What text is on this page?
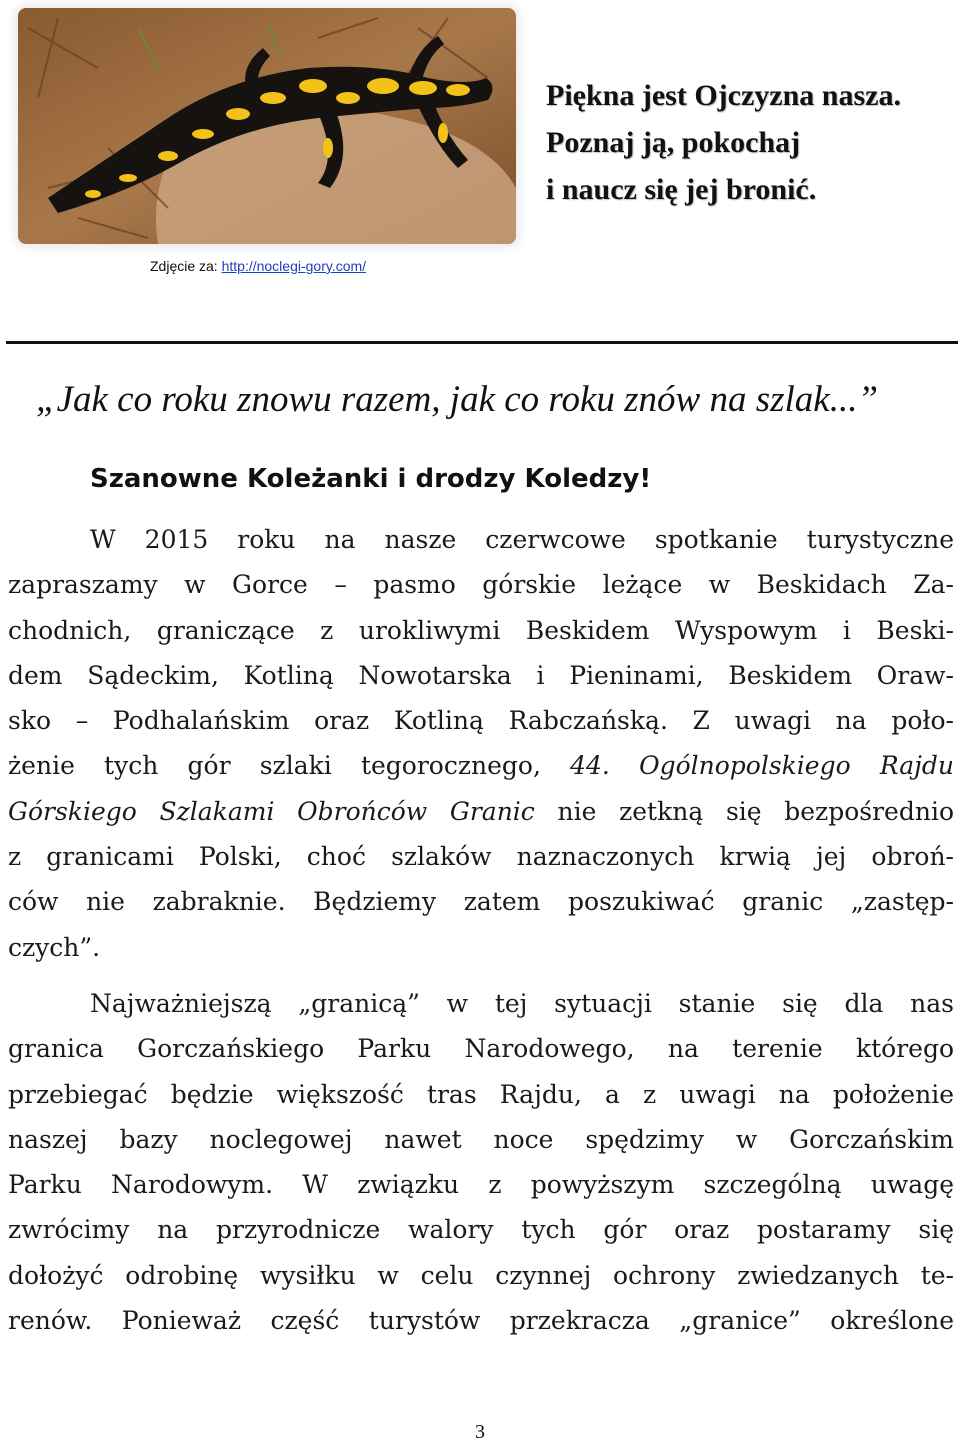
Piękna jest Ojczyzna nasza.
Poznaj ją, pokochaj
i naucz się jej bronić.
Zdjęcie za: http://noclegi-gory.com/
„Jak co roku znowu razem, jak co roku znów na szlak...”
Szanowne Koleżanki i drodzy Koledzy!
W 2015 roku na nasze czerwcowe spotkanie turystyczne
zapraszamy w Gorce – pasmo górskie leżące w Beskidach Za-
chodnich, graniczące z urokliwymi Beskidem Wyspowym i Beski-
dem Sądeckim, Kotliną Nowotarska i Pieninami, Beskidem Oraw-
sko – Podhalańskim oraz Kotliną Rabczańską. Z uwagi na poło-
żenie tych gór szlaki tegorocznego, 44. Ogólnopolskiego Rajdu
Górskiego Szlakami Obrońców Granic nie zetkną się bezpośrednio
z granicami Polski, choć szlaków naznaczonych krwią jej obroń-
ców nie zabraknie. Będziemy zatem poszukiwać granic „zastęp-
czych”.
Najważniejszą „granicą” w tej sytuacji stanie się dla nas
granica Gorczańskiego Parku Narodowego, na terenie którego
przebiegać będzie większość tras Rajdu, a z uwagi na położenie
naszej bazy noclegowej nawet noce spędzimy w Gorczańskim
Parku Narodowym. W związku z powyższym szczególną uwagę
zwrócimy na przyrodnicze walory tych gór oraz postaramy się
dołożyć odrobinę wysiłku w celu czynnej ochrony zwiedzanych te-
renów. Ponieważ część turystów przekracza „granice” określone
3
